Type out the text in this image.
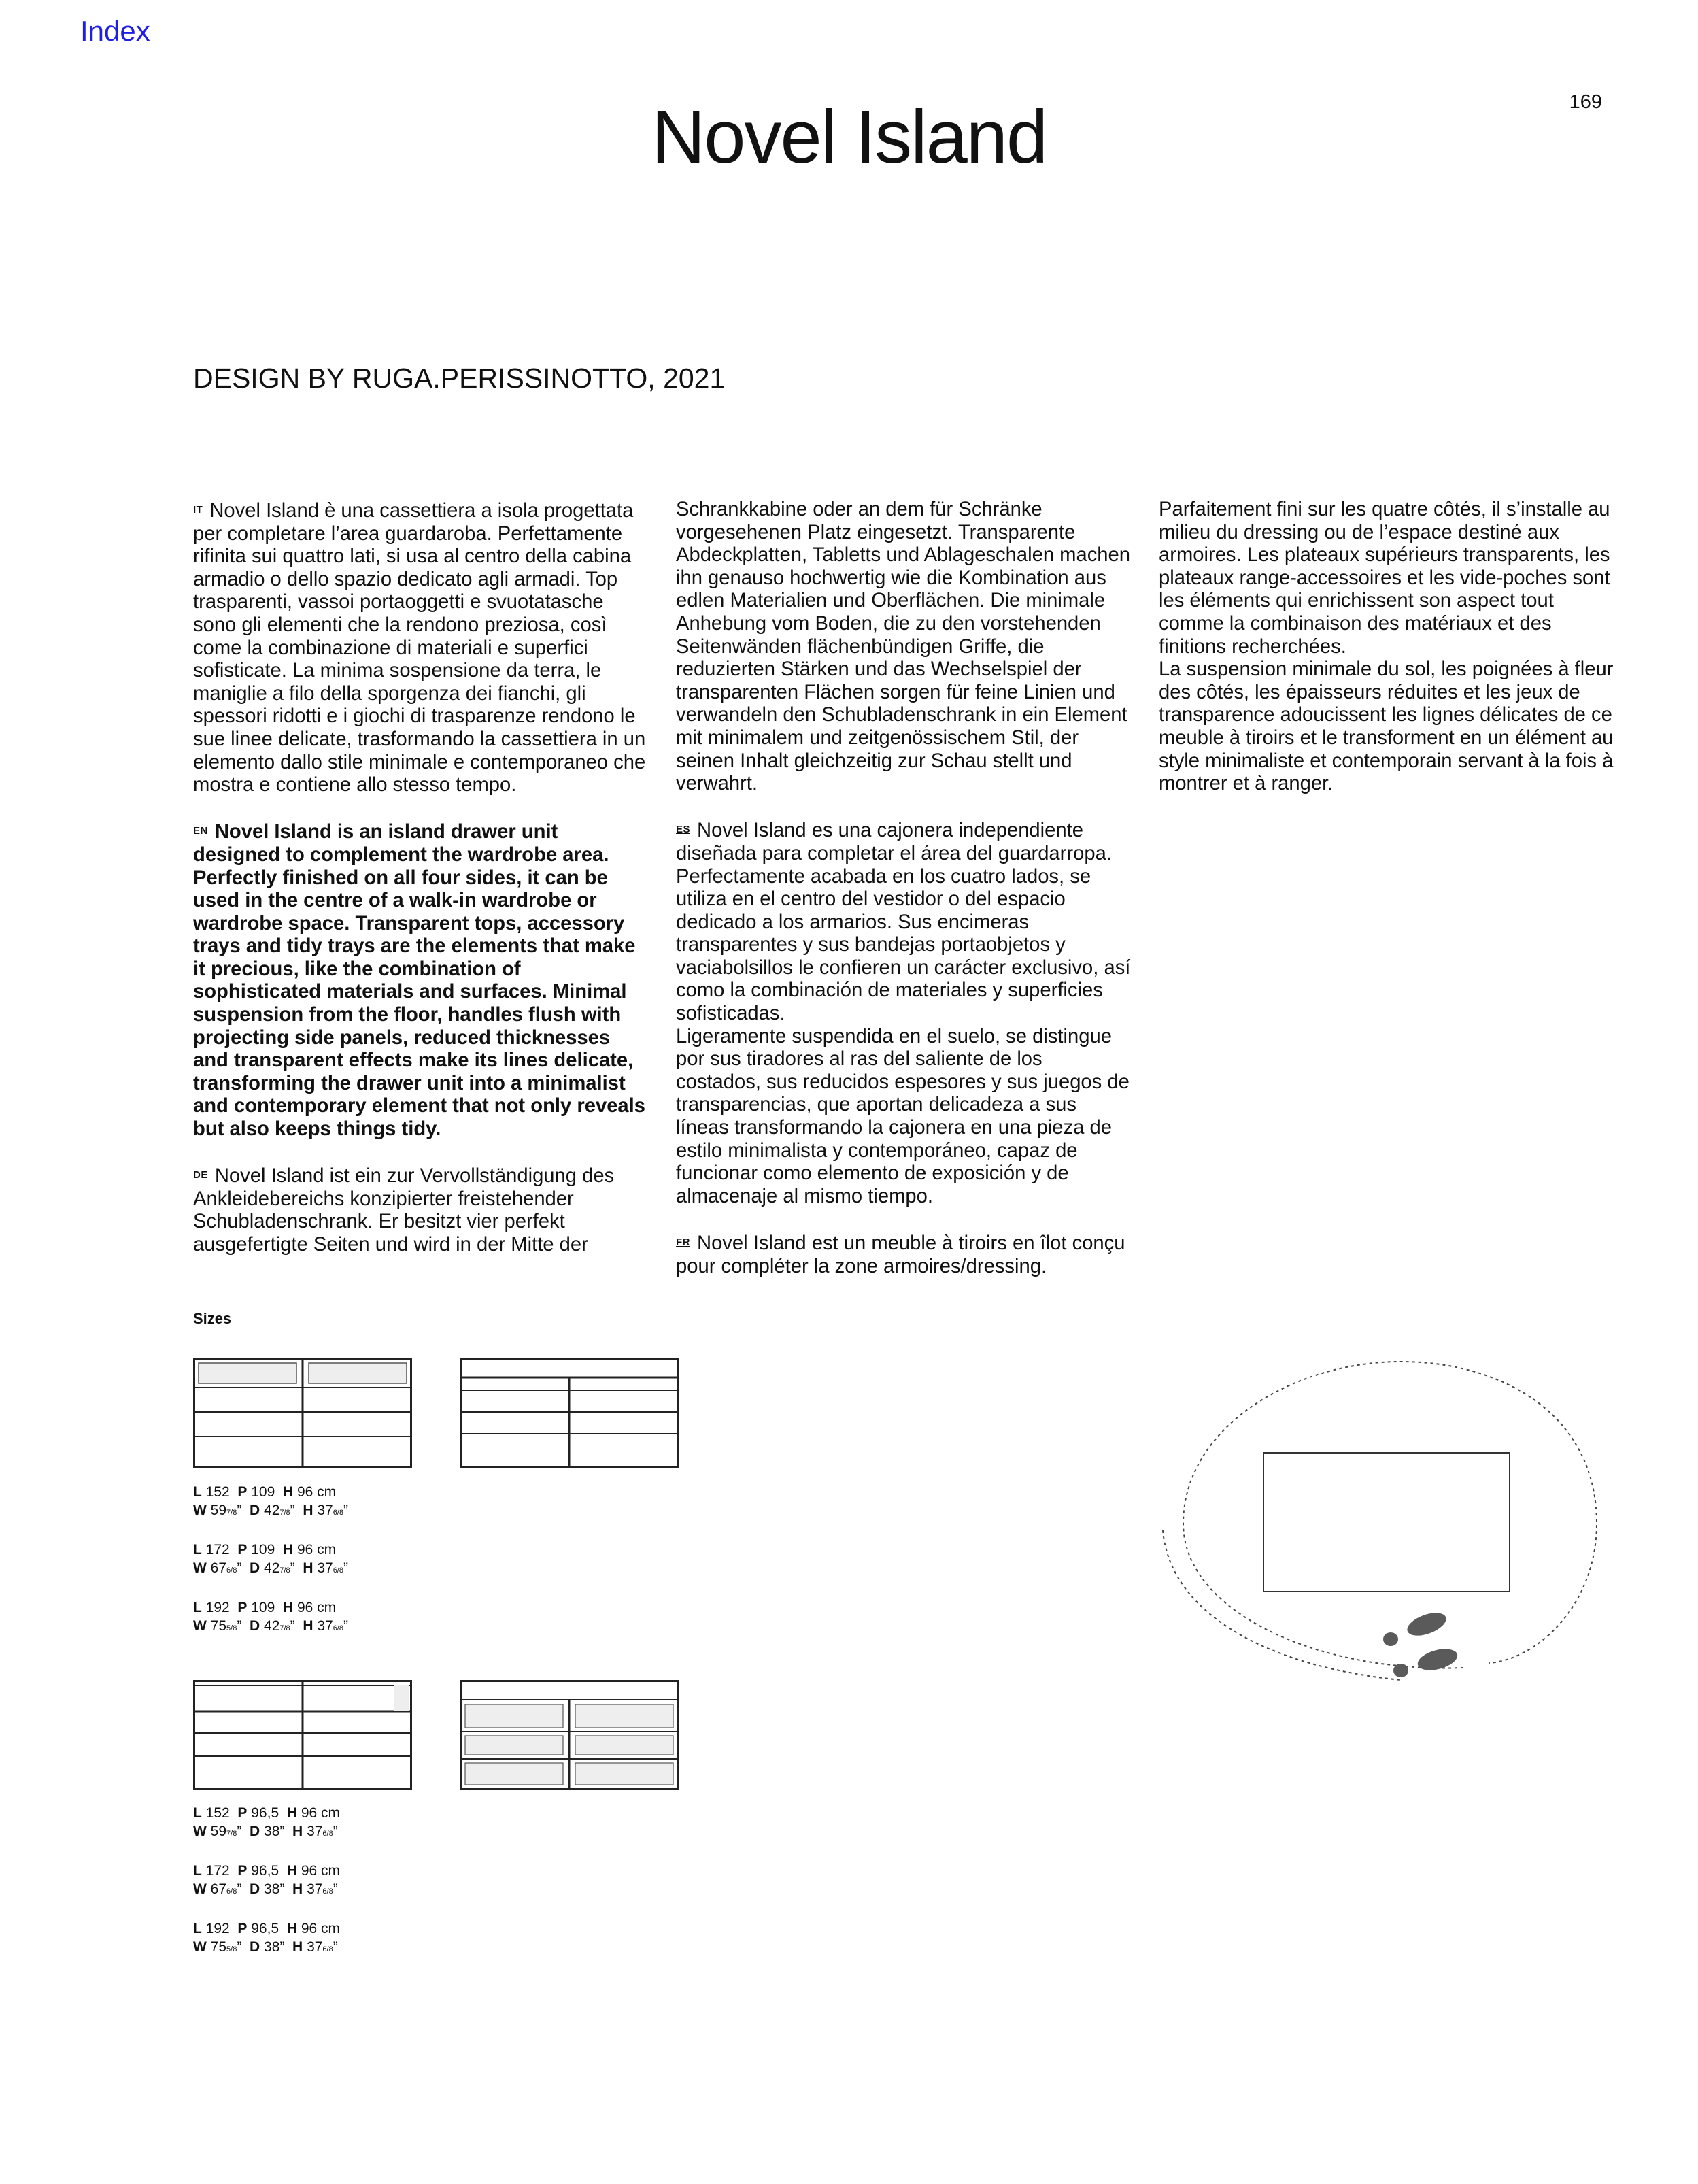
Index
169
Novel Island
DESIGN BY RUGA.PERISSINOTTO, 2021

$^{IT}$ Novel Island è una cassettiera a isola progettata per completare l’area guardaroba. Perfettamente rifinita sui quattro lati, si usa al centro della cabina armadio o dello spazio dedicato agli armadi. Top trasparenti, vassoi portaoggetti e svuotatasche sono gli elementi che la rendono preziosa, così come la combinazione di materiali e superfici sofisticate. La minima sospensione da terra, le maniglie a filo della sporgenza dei fianchi, gli spessori ridotti e i giochi di trasparenze rendono le sue linee delicate, trasformando la cassettiera in un elemento dallo stile minimale e contemporaneo che mostra e contiene allo stesso tempo.

$^{EN}$ Novel Island is an island drawer unit designed to complement the wardrobe area. Perfectly finished on all four sides, it can be used in the centre of a walk-in wardrobe or wardrobe space. Transparent tops, accessory trays and tidy trays are the elements that make it precious, like the combination of sophisticated materials and surfaces. Minimal suspension from the floor, handles flush with projecting side panels, reduced thicknesses and transparent effects make its lines delicate, transforming the drawer unit into a minimalist and contemporary element that not only reveals but also keeps things tidy.

$^{DE}$ Novel Island ist ein zur Vervollständigung des Ankleidebereichs konzipierter freistehender Schubladenschrank. Er besitzt vier perfekt ausgefertigte Seiten und wird in der Mitte der

Schrankkabine oder an dem für Schränke vorgesehenen Platz eingesetzt. Transparente Abdeckplatten, Tabletts und Ablageschalen machen ihn genauso hochwertig wie die Kombination aus edlen Materialien und Oberflächen. Die minimale Anhebung vom Boden, die zu den vorstehenden Seitenwänden flächenbündigen Griffe, die reduzierten Stärken und das Wechselspiel der transparenten Flächen sorgen für feine Linien und verwandeln den Schubladenschrank in ein Element mit minimalem und zeitgenössischem Stil, der seinen Inhalt gleichzeitig zur Schau stellt und verwahrt.

$^{ES}$ Novel Island es una cajonera independiente diseñada para completar el área del guardarropa. Perfectamente acabada en los cuatro lados, se utiliza en el centro del vestidor o del espacio dedicado a los armarios. Sus encimeras transparentes y sus bandejas portaobjetos y vaciabolsillos le confieren un carácter exclusivo, así como la combinación de materiales y superficies sofisticadas.
Ligeramente suspendida en el suelo, se distingue por sus tiradores al ras del saliente de los costados, sus reducidos espesores y sus juegos de transparencias, que aportan delicadeza a sus líneas transformando la cajonera en una pieza de estilo minimalista y contemporáneo, capaz de funcionar como elemento de exposición y de almacenaje al mismo tiempo.

$^{FR}$ Novel Island est un meuble à tiroirs en îlot conçu pour compléter la zone armoires/dressing.

Parfaitement fini sur les quatre côtés, il s’installe au milieu du dressing ou de l’espace destiné aux armoires. Les plateaux supérieurs transparents, les plateaux range-accessoires et les vide-poches sont les éléments qui enrichissent son aspect tout comme la combinaison des matériaux et des finitions recherchées.
La suspension minimale du sol, les poignées à fleur des côtés, les épaisseurs réduites et les jeux de transparence adoucissent les lignes délicates de ce meuble à tiroirs et le transforment en un élément au style minimaliste et contemporain servant à la fois à montrer et à ranger.

Sizes
L 152 P 109 H 96 cm
W 597/8” D 427/8” H 376/8”
L 172 P 109 H 96 cm
W 676/8” D 427/8” H 376/8”
L 192 P 109 H 96 cm
W 755/8” D 427/8” H 376/8”
L 152 P 96,5 H 96 cm
W 597/8” D 38” H 376/8”
L 172 P 96,5 H 96 cm
W 676/8” D 38” H 376/8”
L 192 P 96,5 H 96 cm
W 755/8” D 38” H 376/8”
